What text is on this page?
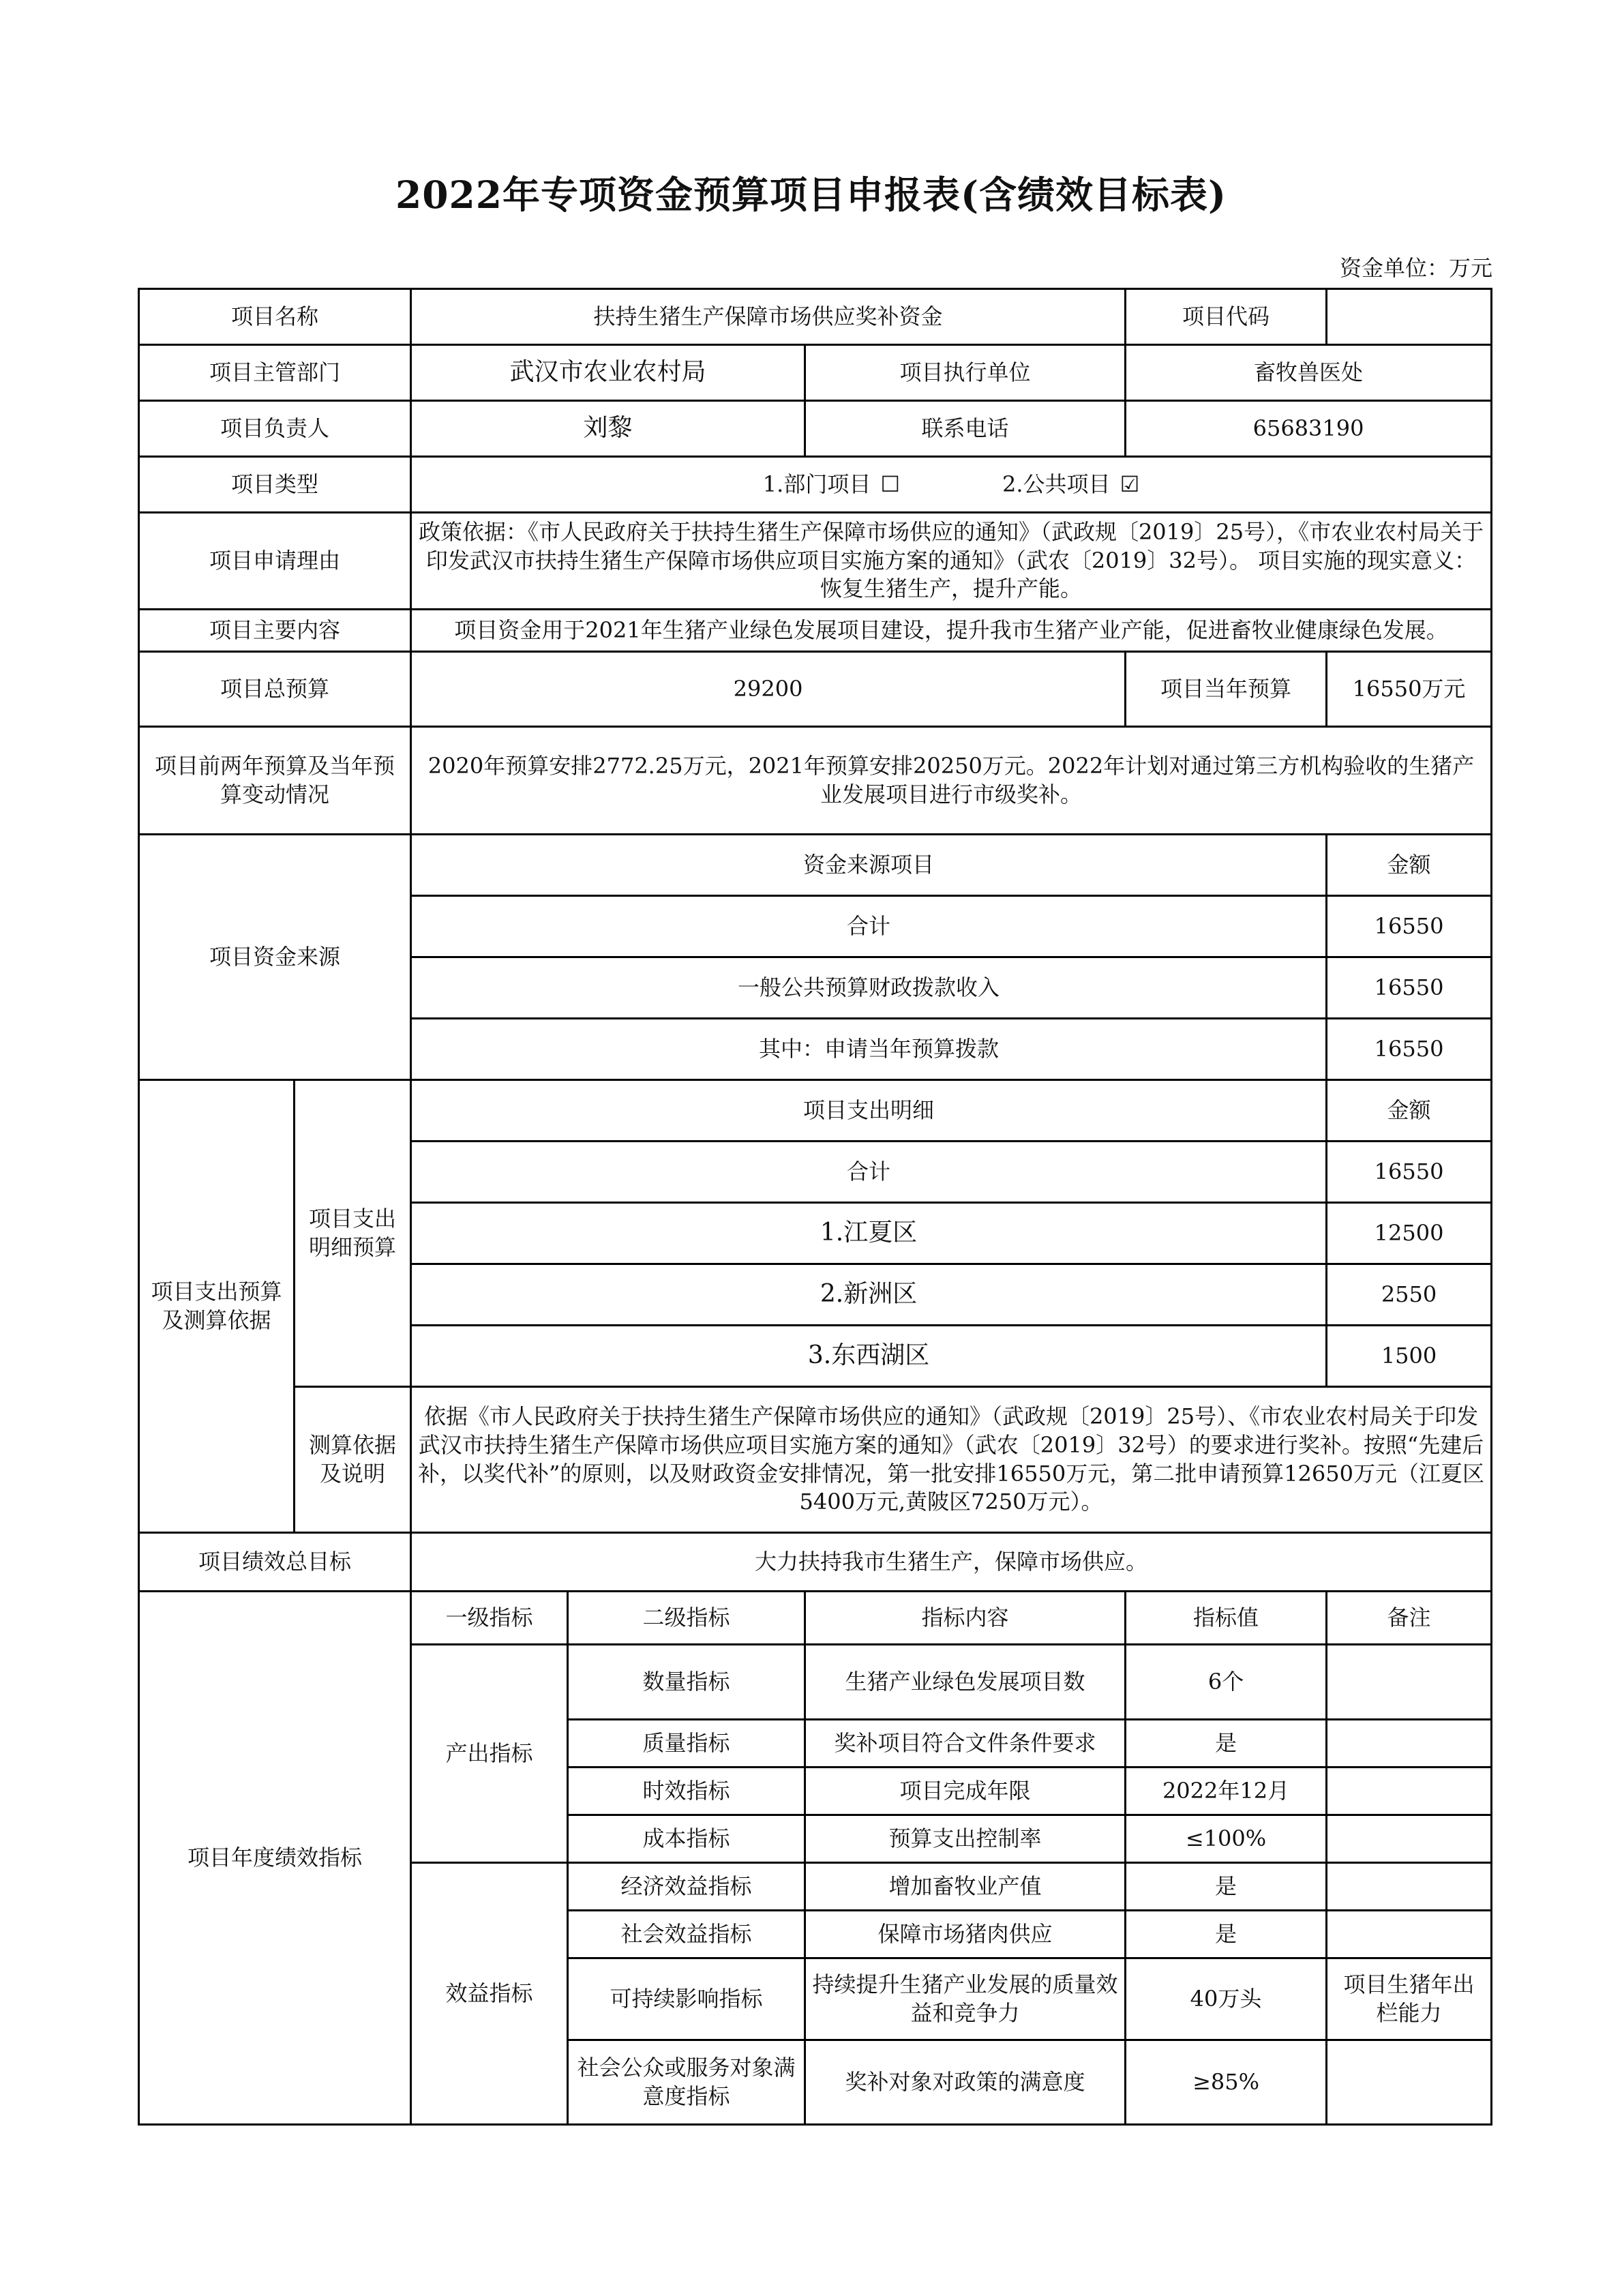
2022年专项资金预算项目申报表(含绩效目标表)
资金单位：万元
项目名称		扶持生猪生产保障市场供应奖补资金			项目代码	
项目主管部门		武汉市农业农村局		项目执行单位	畜牧兽医处	
项目负责人		刘黎		联系电话	65683190	
项目类型		1.部门项目 ☐ 2.公共项目 ☑				
项目申请理由		政策依据：《市人民政府关于扶持生猪生产保障市场供应的通知》（武政规〔2019〕25号），《市农业农村局关于印发武汉市扶持生猪生产保障市场供应项目实施方案的通知》（武农〔2019〕32号）。 项目实施的现实意义：恢复生猪生产，提升产能。				
项目主要内容		项目资金用于2021年生猪产业绿色发展项目建设，提升我市生猪产业产能，促进畜牧业健康绿色发展。				
项目总预算		29200			项目当年预算	16550万元
项目前两年预算及当年预算变动情况		2020年预算安排2772.25万元，2021年预算安排20250万元。2022年计划对通过第三方机构验收的生猪产业发展项目进行市级奖补。				
项目资金来源		资金来源项目				金额
		合计				16550
		一般公共预算财政拨款收入				16550
		其中：申请当年预算拨款				16550
项目支出预算及测算依据	项目支出明细预算	项目支出明细				金额
		合计				16550
		1.江夏区				12500
		2.新洲区				2550
		3.东西湖区				1500
	测算依据及说明	依据《市人民政府关于扶持生猪生产保障市场供应的通知》（武政规〔2019〕25号）、《市农业农村局关于印发武汉市扶持生猪生产保障市场供应项目实施方案的通知》（武农〔2019〕32号）的要求进行奖补。按照“先建后补，以奖代补”的原则，以及财政资金安排情况，第一批安排16550万元，第二批申请预算12650万元（江夏区5400万元,黄陂区7250万元）。				
项目绩效总目标		大力扶持我市生猪生产，保障市场供应。				
项目年度绩效指标		一级指标	二级指标	指标内容	指标值	备注
		产出指标	数量指标	生猪产业绿色发展项目数	6个	
			质量指标	奖补项目符合文件条件要求	是	
			时效指标	项目完成年限	2022年12月	
			成本指标	预算支出控制率	≤100%	
		效益指标	经济效益指标	增加畜牧业产值	是	
			社会效益指标	保障市场猪肉供应	是	
			可持续影响指标	持续提升生猪产业发展的质量效益和竞争力	40万头	项目生猪年出栏能力
			社会公众或服务对象满意度指标	奖补对象对政策的满意度	≥85%	
